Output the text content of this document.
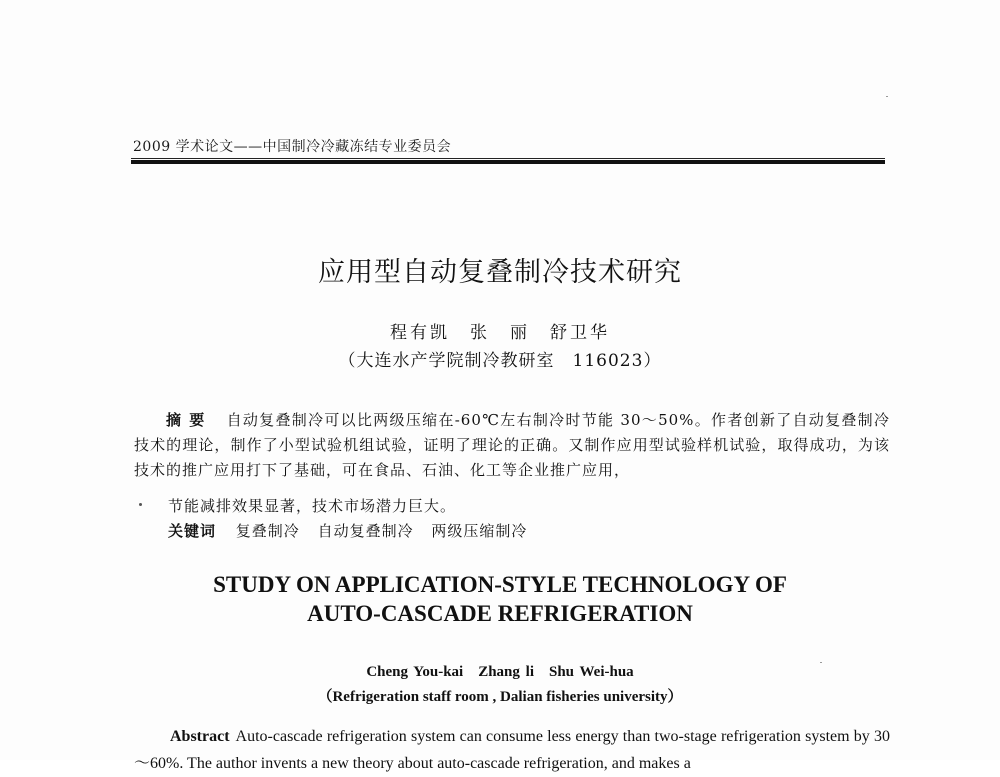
2009 学术论文——中国制冷冷藏冻结专业委员会
应用型自动复叠制冷技术研究
程有凯　张　丽　舒卫华
（大连水产学院制冷教研室　116023）
摘要 自动复叠制冷可以比两级压缩在-60℃左右制冷时节能 30～50%。作者创新了自动复叠制冷技术的理论，制作了小型试验机组试验，证明了理论的正确。又制作应用型试验样机试验，取得成功，为该技术的推广应用打下了基础，可在食品、石油、化工等企业推广应用，
节能减排效果显著，技术市场潜力巨大。
关键词 复叠制冷 自动复叠制冷 两级压缩制冷
STUDY ON APPLICATION-STYLE TECHNOLOGY OF
AUTO-CASCADE REFRIGERATION
Cheng You-kai　Zhang li　Shu Wei-hua
（Refrigeration staff room , Dalian fisheries university）
Abstract Auto-cascade refrigeration system can consume less energy than two-stage refrigeration system by 30～60%. The author invents a new theory about auto-cascade refrigeration, and makes a
